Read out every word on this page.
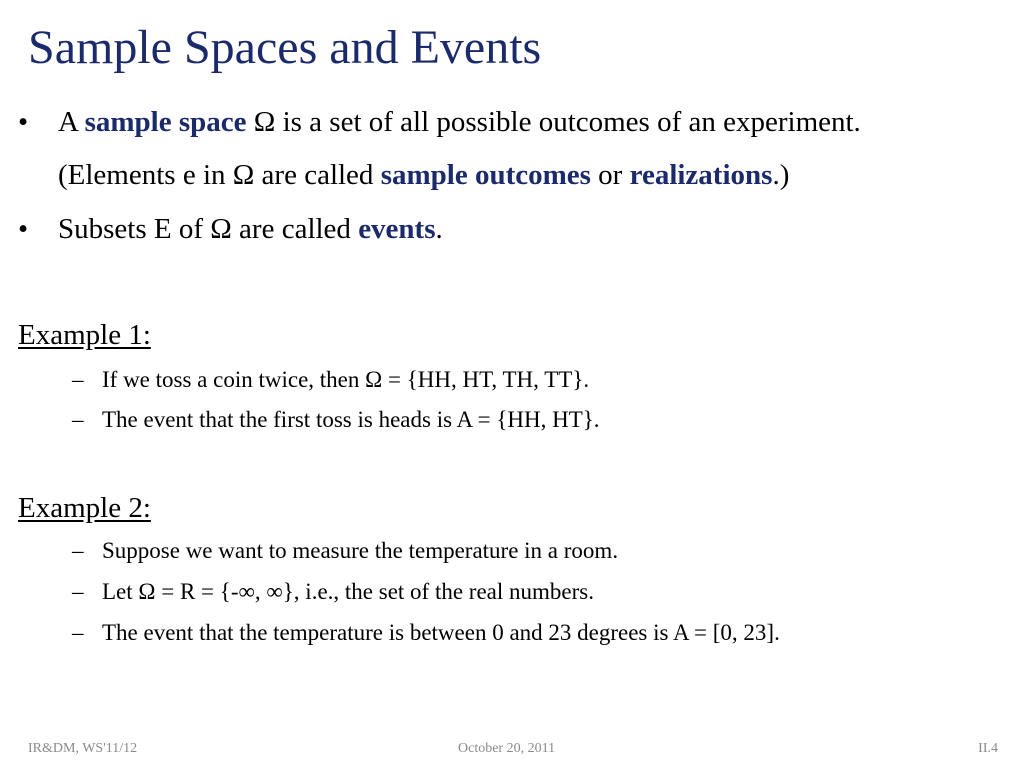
Sample Spaces and Events
•	A sample space Ω is a set of all possible outcomes of an experiment.
(Elements e in Ω are called sample outcomes or realizations.)
•	Subsets E of Ω are called events.
Example 1:
– If we toss a coin twice, then Ω = {HH, HT, TH, TT}.
– The event that the first toss is heads is A = {HH, HT}.
Example 2:
– Suppose we want to measure the temperature in a room.
– Let Ω = R = {-∞, ∞}, i.e., the set of the real numbers.
– The event that the temperature is between 0 and 23 degrees is A = [0, 23].
IR&DM, WS'11/12	October 20, 2011	II.4
